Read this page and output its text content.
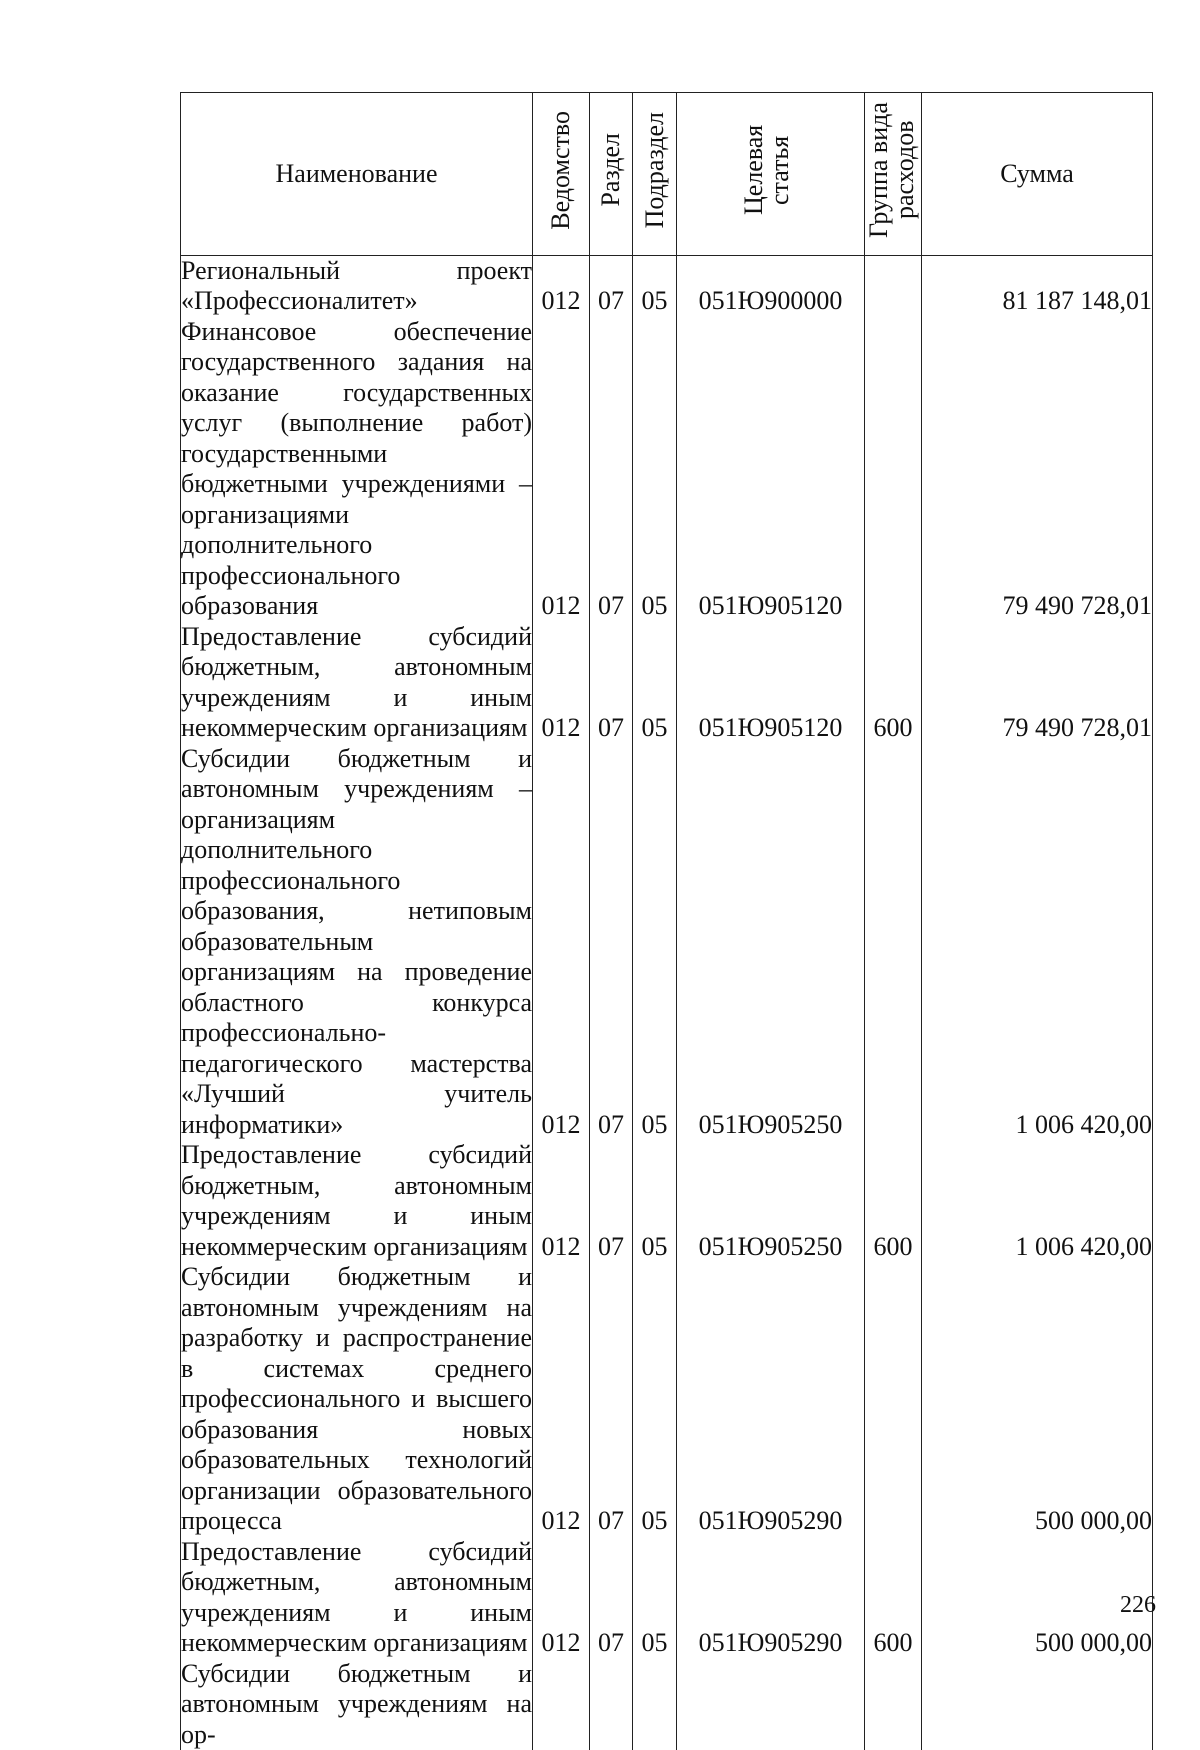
Наименование	Ведомство	Раздел	Подраздел	Целевая статья	Группа вида расходов	Сумма
Региональный проект «Профессионалитет»	012	07	05	051Ю900000		81 187 148,01
Финансовое обеспечение государственного задания на оказание государственных услуг (выполнение работ) государственными бюджетными учреждениями – организациями дополнительного профессионального образования	012	07	05	051Ю905120		79 490 728,01
Предоставление субсидий бюджетным, автономным учреждениям и иным некоммерческим организациям	012	07	05	051Ю905120	600	79 490 728,01
Субсидии бюджетным и автономным учреждениям – организациям дополнительного профессионального образования, нетиповым образовательным организациям на проведение областного конкурса профессионально-педагогического мастерства «Лучший учитель информатики»	012	07	05	051Ю905250		1 006 420,00
Предоставление субсидий бюджетным, автономным учреждениям и иным некоммерческим организациям	012	07	05	051Ю905250	600	1 006 420,00
Субсидии бюджетным и автономным учреждениям на разработку и распространение в системах среднего профессионального и высшего образования новых образовательных технологий организации образовательного процесса	012	07	05	051Ю905290		500 000,00
Предоставление субсидий бюджетным, автономным учреждениям и иным некоммерческим организациям	012	07	05	051Ю905290	600	500 000,00
Субсидии бюджетным и автономным учреждениям на ор-						
226
